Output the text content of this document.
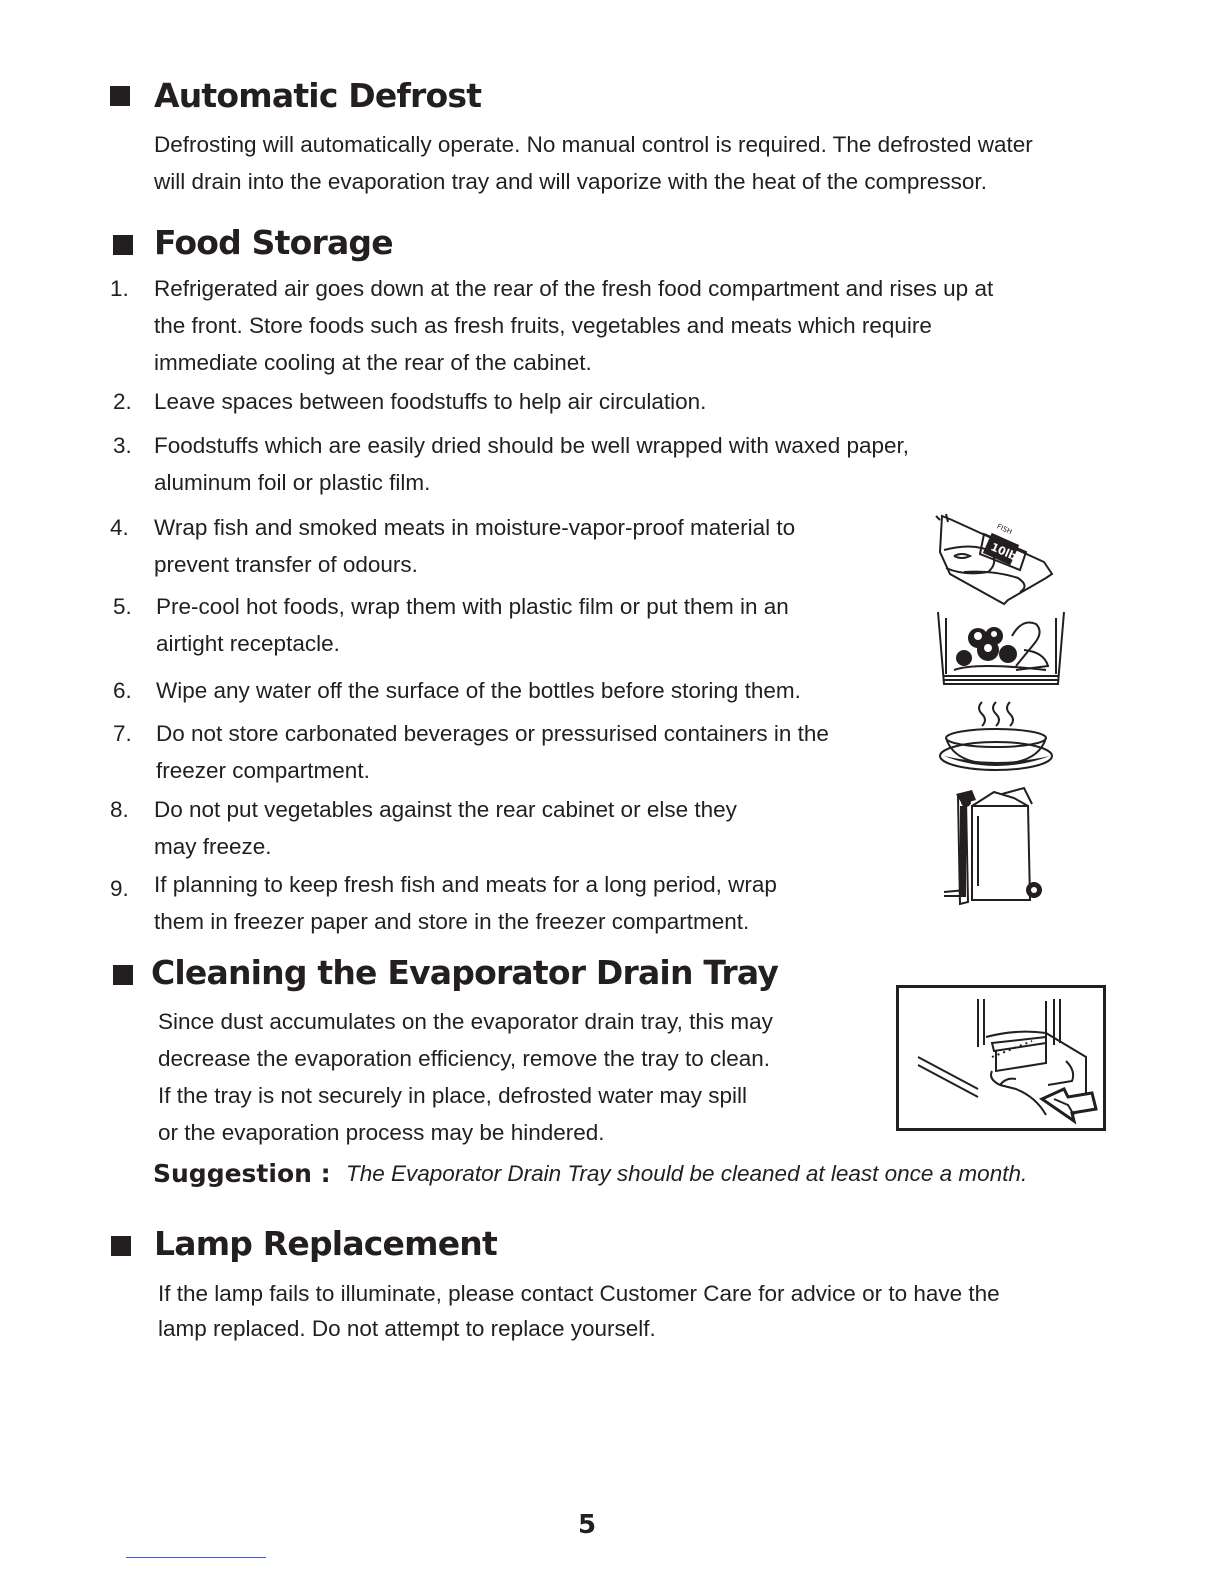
Automatic Defrost
Defrosting will automatically operate. No manual control is required. The defrosted water
will drain into the evaporation tray and will vaporize with the heat of the compressor.
Food Storage
1. Refrigerated air goes down at the rear of the fresh food compartment and rises up at
the front. Store foods such as fresh fruits, vegetables and meats which require
immediate cooling at the rear of the cabinet.
2. Leave spaces between foodstuffs to help air circulation.
3. Foodstuffs which are easily dried should be well wrapped with waxed paper,
aluminum foil or plastic film.
4. Wrap fish and smoked meats in moisture-vapor-proof material to
prevent transfer of odours.
5. Pre-cool hot foods, wrap them with plastic film or put them in an
airtight receptacle.
6. Wipe any water off the surface of the bottles before storing them.
7. Do not store carbonated beverages or pressurised containers in the
freezer compartment.
8. Do not put vegetables against the rear cabinet or else they
may freeze.
9. If planning to keep fresh fish and meats for a long period, wrap
them in freezer paper and store in the freezer compartment.
10lb
FISH
Cleaning the Evaporator Drain Tray
Since dust accumulates on the evaporator drain tray, this may
decrease the evaporation efficiency, remove the tray to clean.
If the tray is not securely in place, defrosted water may spill
or the evaporation process may be hindered.
Suggestion : The Evaporator Drain Tray should be cleaned at least once a month.
Lamp Replacement
If the lamp fails to illuminate, please contact Customer Care for advice or to have the
lamp replaced. Do not attempt to replace yourself.
5
